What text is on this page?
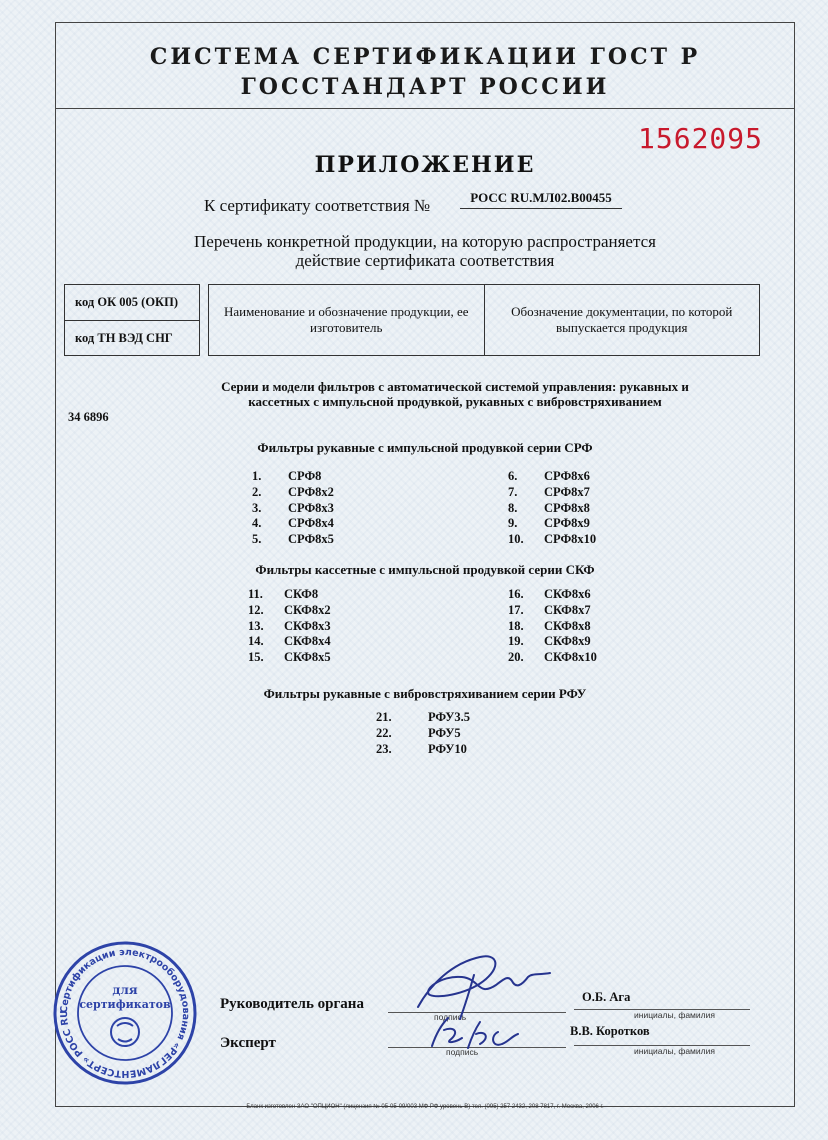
СИСТЕМА СЕРТИФИКАЦИИ ГОСТ Р
ГОССТАНДАРТ РОССИИ
1562095
ПРИЛОЖЕНИЕ
К сертификату соответствия №	РОСС RU.МЛ02.В00455
Перечень конкретной продукции, на которую распространяется
действие сертификата соответствия
код ОК 005 (ОКП)
код ТН ВЭД СНГ
Наименование и обозначение продукции, ее изготовитель
Обозначение документации, по которой выпускается продукция
Серии и модели фильтров с автоматической системой управления: рукавных и
кассетных с импульсной продувкой, рукавных с вибровстряхиванием
34 6896
Фильтры рукавные с импульсной продувкой серии СРФ
1.	СРФ8
2.	СРФ8х2
3.	СРФ8х3
4.	СРФ8х4
5.	СРФ8х5
6.	СРФ8х6
7.	СРФ8х7
8.	СРФ8х8
9.	СРФ8х9
10.	СРФ8х10
Фильтры кассетные с импульсной продувкой серии СКФ
11.	СКФ8
12.	СКФ8х2
13.	СКФ8х3
14.	СКФ8х4
15.	СКФ8х5
16.	СКФ8х6
17.	СКФ8х7
18.	СКФ8х8
19.	СКФ8х9
20.	СКФ8х10
Фильтры рукавные с вибровстряхиванием серии РФУ
21.	РФУ3.5
22.	РФУ5
23.	РФУ10
Сертификации электрооборудования «РЕГЛАМЕНТСЕРТ» РОСС RU
для
сертификатов	Руководитель органа
подпись
О.Б. Ага
инициалы, фамилия
Эксперт
подпись
В.В. Коротков
инициалы, фамилия
Бланк изготовлен ЗАО "ОПЦИОН" (лицензия № 05-05-09/003 МФ РФ уровень В) тел. (095) 257 2432, 208 7817, г. Москва, 2006 г.
